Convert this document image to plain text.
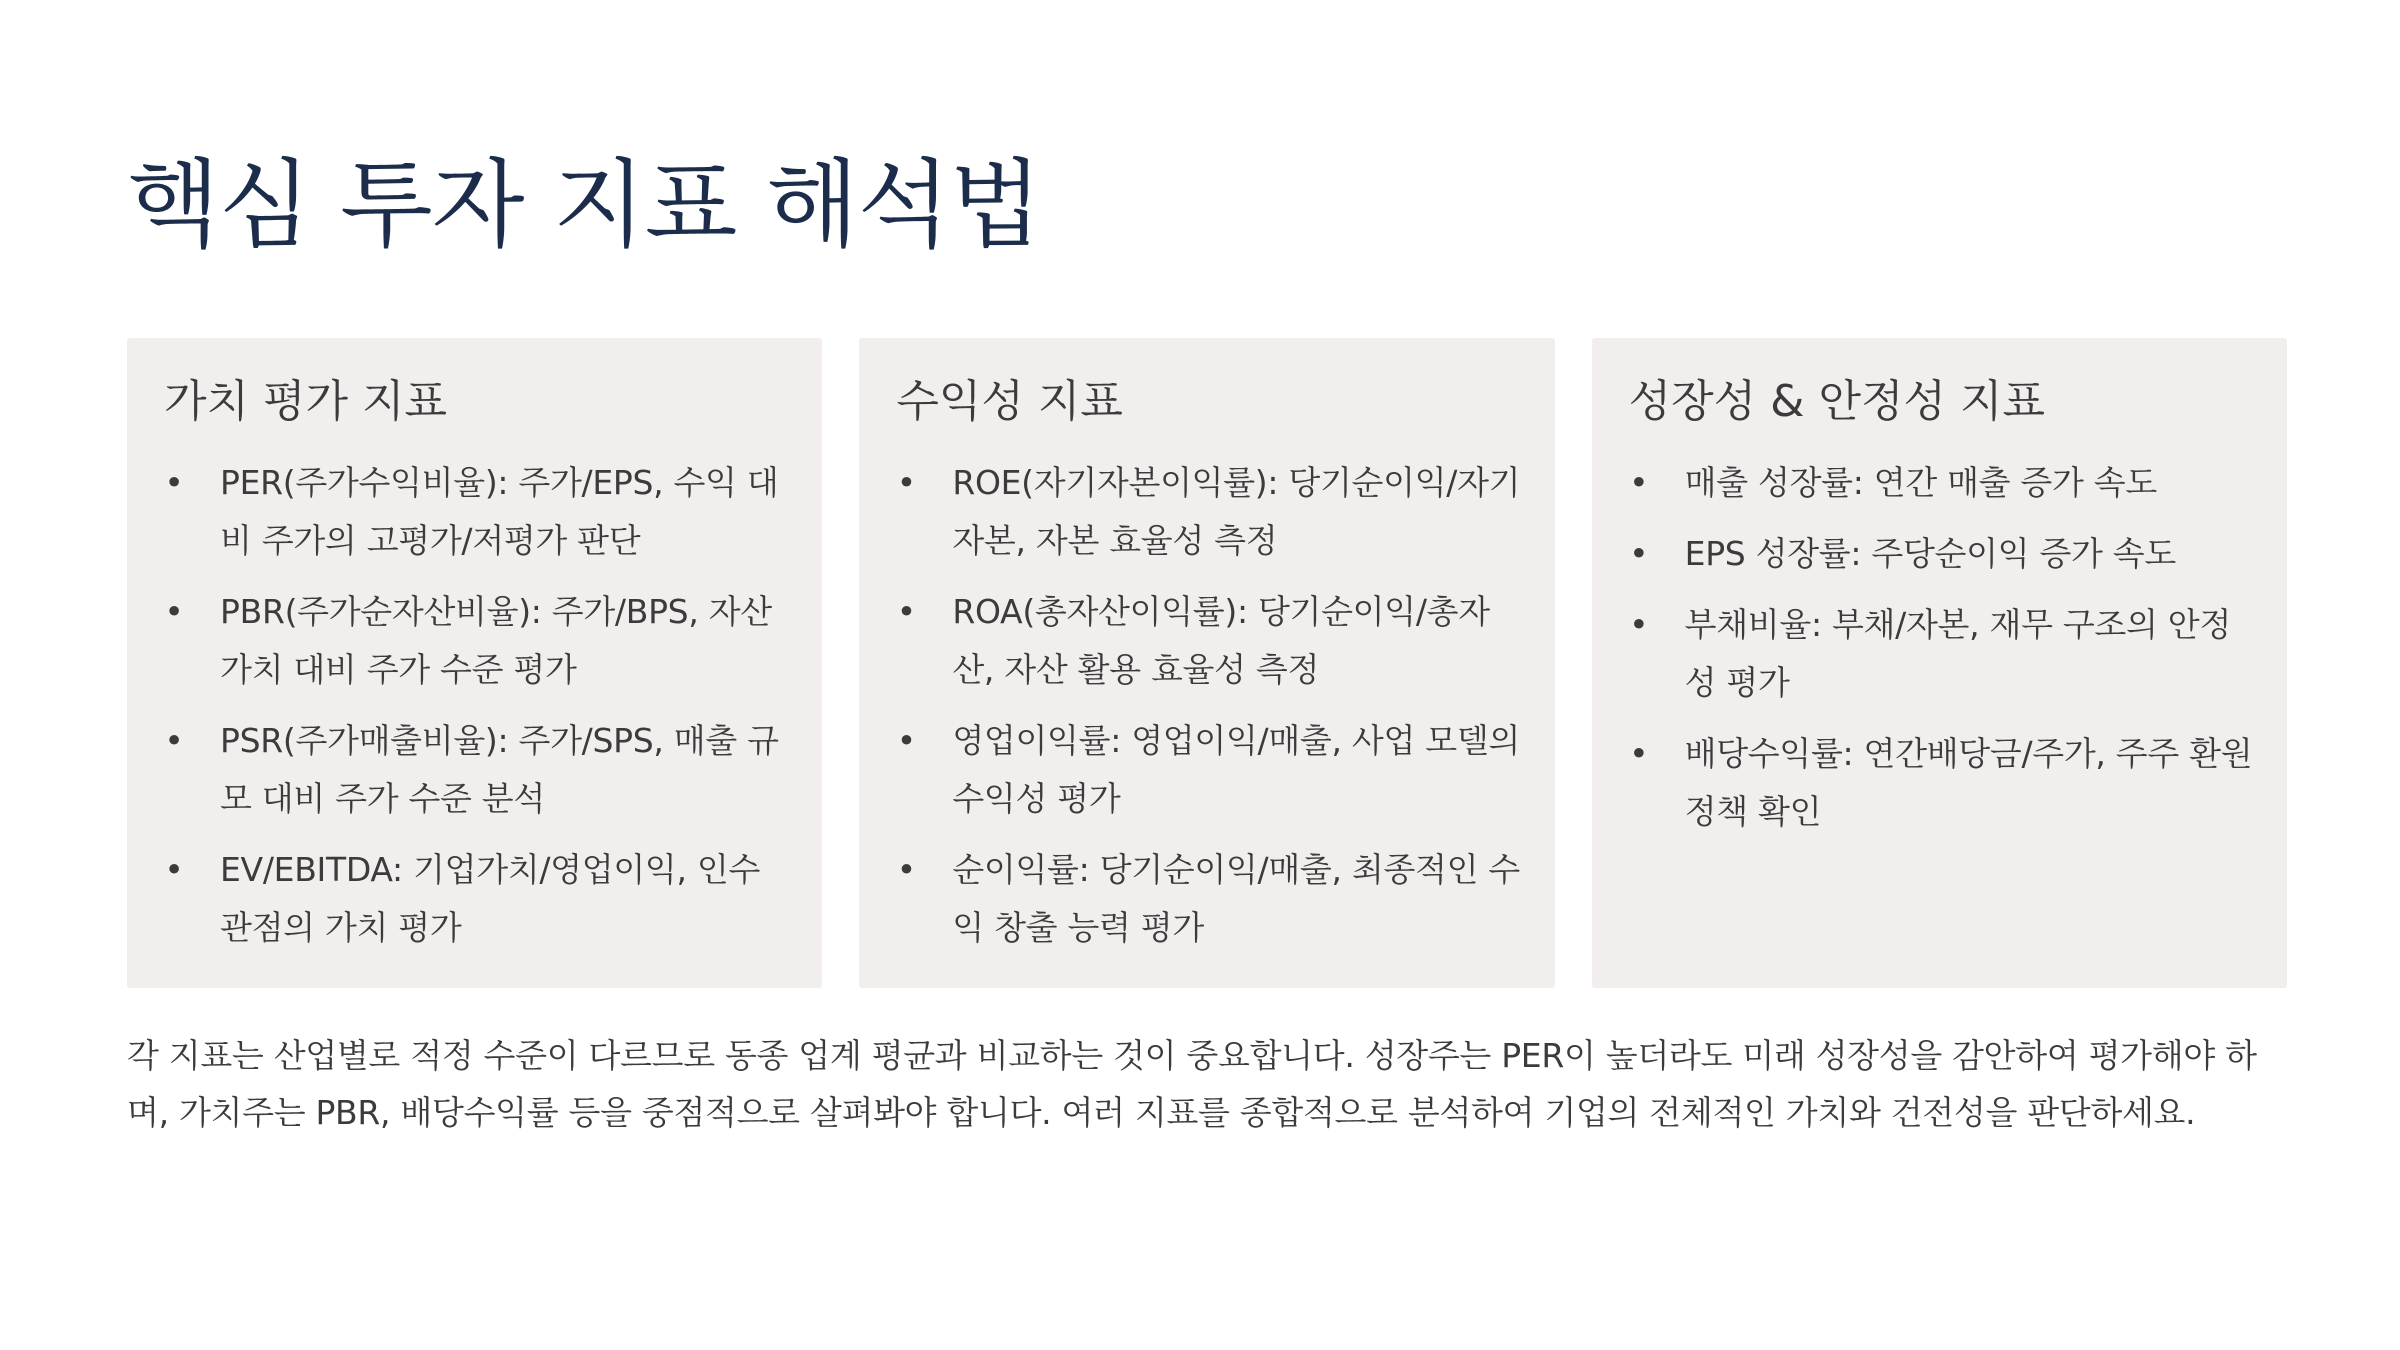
핵심 투자 지표 해석법
가치 평가 지표
• PER(주가수익비율): 주가/EPS, 수익 대비 주가의 고평가/저평가 판단
• PBR(주가순자산비율): 주가/BPS, 자산 가치 대비 주가 수준 평가
• PSR(주가매출비율): 주가/SPS, 매출 규모 대비 주가 수준 분석
• EV/EBITDA: 기업가치/영업이익, 인수 관점의 가치 평가
수익성 지표
• ROE(자기자본이익률): 당기순이익/자기자본, 자본 효율성 측정
• ROA(총자산이익률): 당기순이익/총자산, 자산 활용 효율성 측정
• 영업이익률: 영업이익/매출, 사업 모델의 수익성 평가
• 순이익률: 당기순이익/매출, 최종적인 수익 창출 능력 평가
성장성 & 안정성 지표
• 매출 성장률: 연간 매출 증가 속도
• EPS 성장률: 주당순이익 증가 속도
• 부채비율: 부채/자본, 재무 구조의 안정성 평가
• 배당수익률: 연간배당금/주가, 주주 환원 정책 확인

각 지표는 산업별로 적정 수준이 다르므로 동종 업계 평균과 비교하는 것이 중요합니다. 성장주는 PER이 높더라도 미래 성장성을 감안하여 평가해야 하며, 가치주는 PBR, 배당수익률 등을 중점적으로 살펴봐야 합니다. 여러 지표를 종합적으로 분석하여 기업의 전체적인 가치와 건전성을 판단하세요.
